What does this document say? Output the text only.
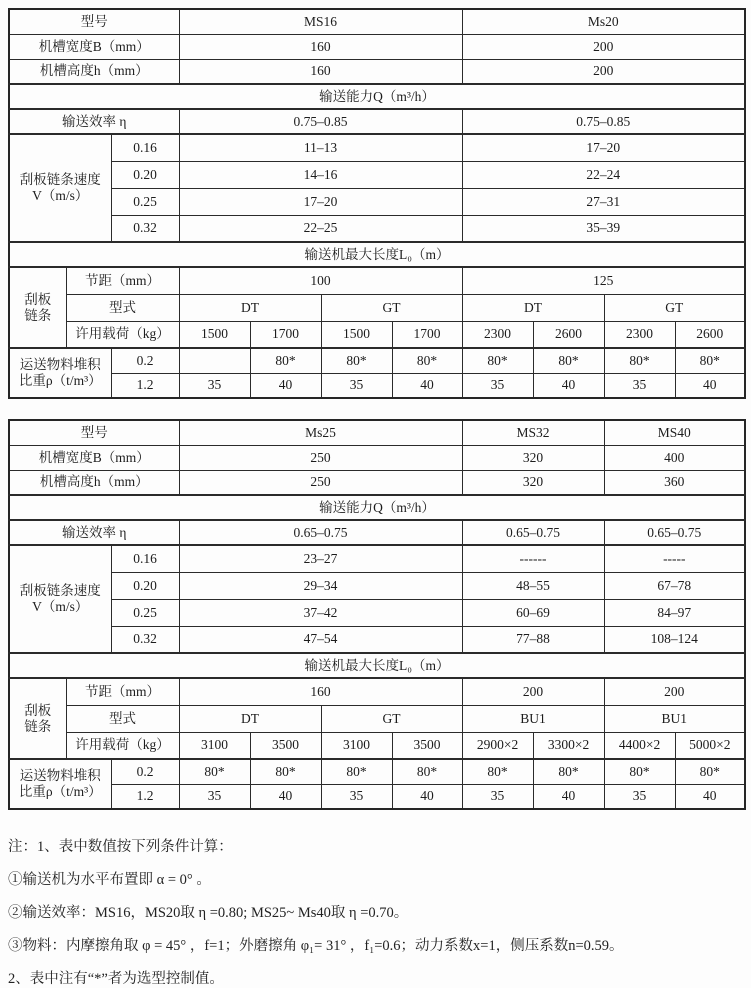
型号			MS16				Ms20			
机槽宽度B（mm）			160				200			
机槽高度h（mm）			160				200			
输送能力Q（m³/h）										
输送效率 η			0.75–0.85				0.75–0.85			

刮板链条速度
V（m/s）		0.16	11–13				17–20			
		0.20	14–16				22–24			
		0.25	17–20				27–31			
		0.32	22–25				35–39			
输送机最大长度L₀（m）										

刮板
链条	节距（mm）		100				125			
	型式		DT		GT		DT		GT	
	许用载荷（kg）		1500	1700	1500	1700	2300	2600	2300	2600

运送物料堆积
比重ρ（t/m³）		0.2		80*	80*	80*	80*	80*	80*	80*
		1.2	35	40	35	40	35	40	35	40
型号			Ms25				MS32		MS40	
机槽宽度B（mm）			250				320		400	
机槽高度h（mm）			250				320		360	
输送能力Q（m³/h）										
输送效率 η			0.65–0.75				0.65–0.75		0.65–0.75	

刮板链条速度
V（m/s）		0.16	23–27				------		-----	
		0.20	29–34				48–55		67–78	
		0.25	37–42				60–69		84–97	
		0.32	47–54				77–88		108–124	
输送机最大长度L₀（m）										

刮板
链条	节距（mm）		160				200		200	
	型式		DT		GT		BU1		BU1	
	许用载荷（kg）		3100	3500	3100	3500	2900×2	3300×2	4400×2	5000×2

运送物料堆积
比重ρ（t/m³）		0.2	80*	80*	80*	80*	80*	80*	80*	80*
		1.2	35	40	35	40	35	40	35	40

注：1、表中数值按下列条件计算：

①输送机为水平布置即 α = 0° 。

②输送效率：MS16，MS20取 η =0.80; MS25~ Ms40取 η =0.70。

③物料：内摩擦角取 φ = 45° ，f=1；外磨擦角 φ₁= 31° ，f₁=0.6；动力系数x=1，侧压系数n=0.59。

2、表中注有“*”者为选型控制值。
